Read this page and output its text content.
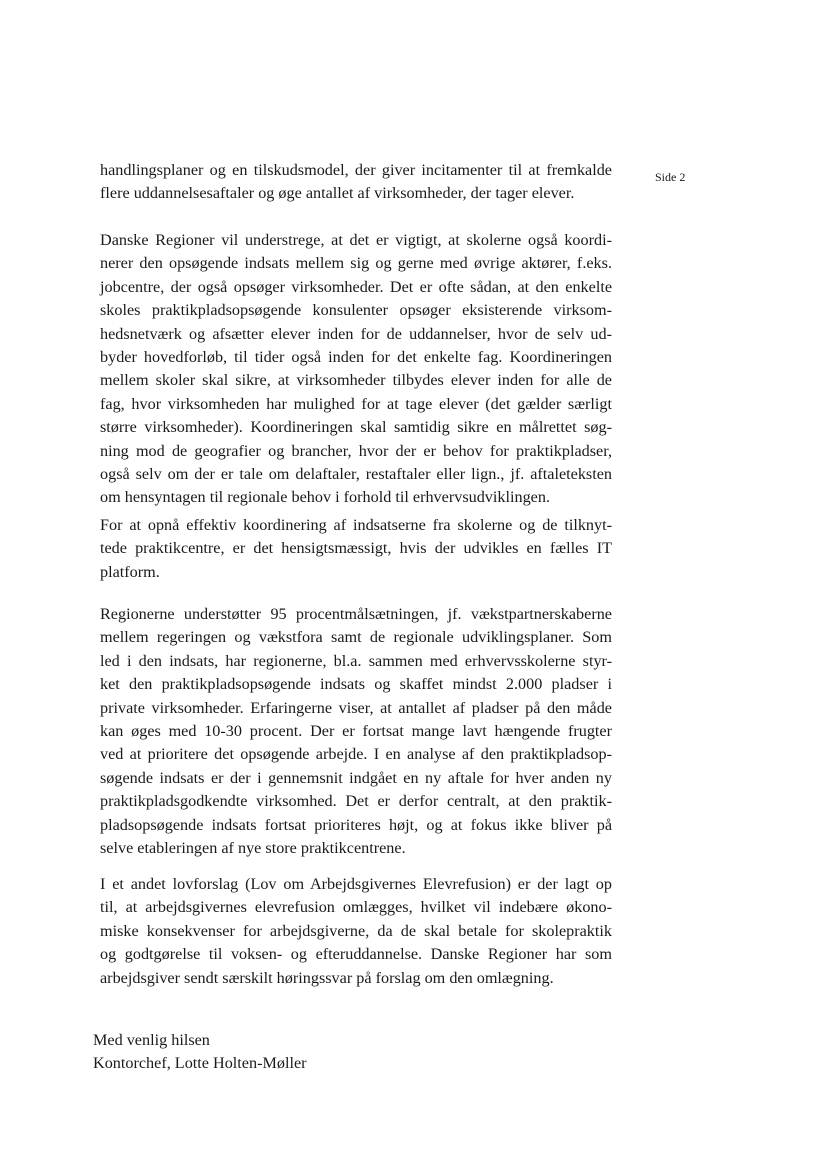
Side 2
handlingsplaner og en tilskudsmodel, der giver incitamenter til at fremkalde
flere uddannelsesaftaler og øge antallet af virksomheder, der tager elever.
Danske Regioner vil understrege, at det er vigtigt, at skolerne også koordi-
nerer den opsøgende indsats mellem sig og gerne med øvrige aktører, f.eks.
jobcentre, der også opsøger virksomheder. Det er ofte sådan, at den enkelte
skoles praktikpladsopsøgende konsulenter opsøger eksisterende virksom-
hedsnetværk og afsætter elever inden for de uddannelser, hvor de selv ud-
byder hovedforløb, til tider også inden for det enkelte fag. Koordineringen
mellem skoler skal sikre, at virksomheder tilbydes elever inden for alle de
fag, hvor virksomheden har mulighed for at tage elever (det gælder særligt
større virksomheder). Koordineringen skal samtidig sikre en målrettet søg-
ning mod de geografier og brancher, hvor der er behov for praktikpladser,
også selv om der er tale om delaftaler, restaftaler eller lign., jf. aftaleteksten
om hensyntagen til regionale behov i forhold til erhvervsudviklingen.
For at opnå effektiv koordinering af indsatserne fra skolerne og de tilknyt-
tede praktikcentre, er det hensigtsmæssigt, hvis der udvikles en fælles IT
platform.
Regionerne understøtter 95 procentmålsætningen, jf. vækstpartnerskaberne
mellem regeringen og vækstfora samt de regionale udviklingsplaner. Som
led i den indsats, har regionerne, bl.a. sammen med erhvervsskolerne styr-
ket den praktikpladsopsøgende indsats og skaffet mindst 2.000 pladser i
private virksomheder. Erfaringerne viser, at antallet af pladser på den måde
kan øges med 10-30 procent. Der er fortsat mange lavt hængende frugter
ved at prioritere det opsøgende arbejde. I en analyse af den praktikpladsop-
søgende indsats er der i gennemsnit indgået en ny aftale for hver anden ny
praktikpladsgodkendte virksomhed. Det er derfor centralt, at den praktik-
pladsopsøgende indsats fortsat prioriteres højt, og at fokus ikke bliver på
selve etableringen af nye store praktikcentrene.
I et andet lovforslag (Lov om Arbejdsgivernes Elevrefusion) er der lagt op
til, at arbejdsgivernes elevrefusion omlægges, hvilket vil indebære økono-
miske konsekvenser for arbejdsgiverne, da de skal betale for skolepraktik
og godtgørelse til voksen- og efteruddannelse. Danske Regioner har som
arbejdsgiver sendt særskilt høringssvar på forslag om den omlægning.
Med venlig hilsen
Kontorchef, Lotte Holten-Møller
